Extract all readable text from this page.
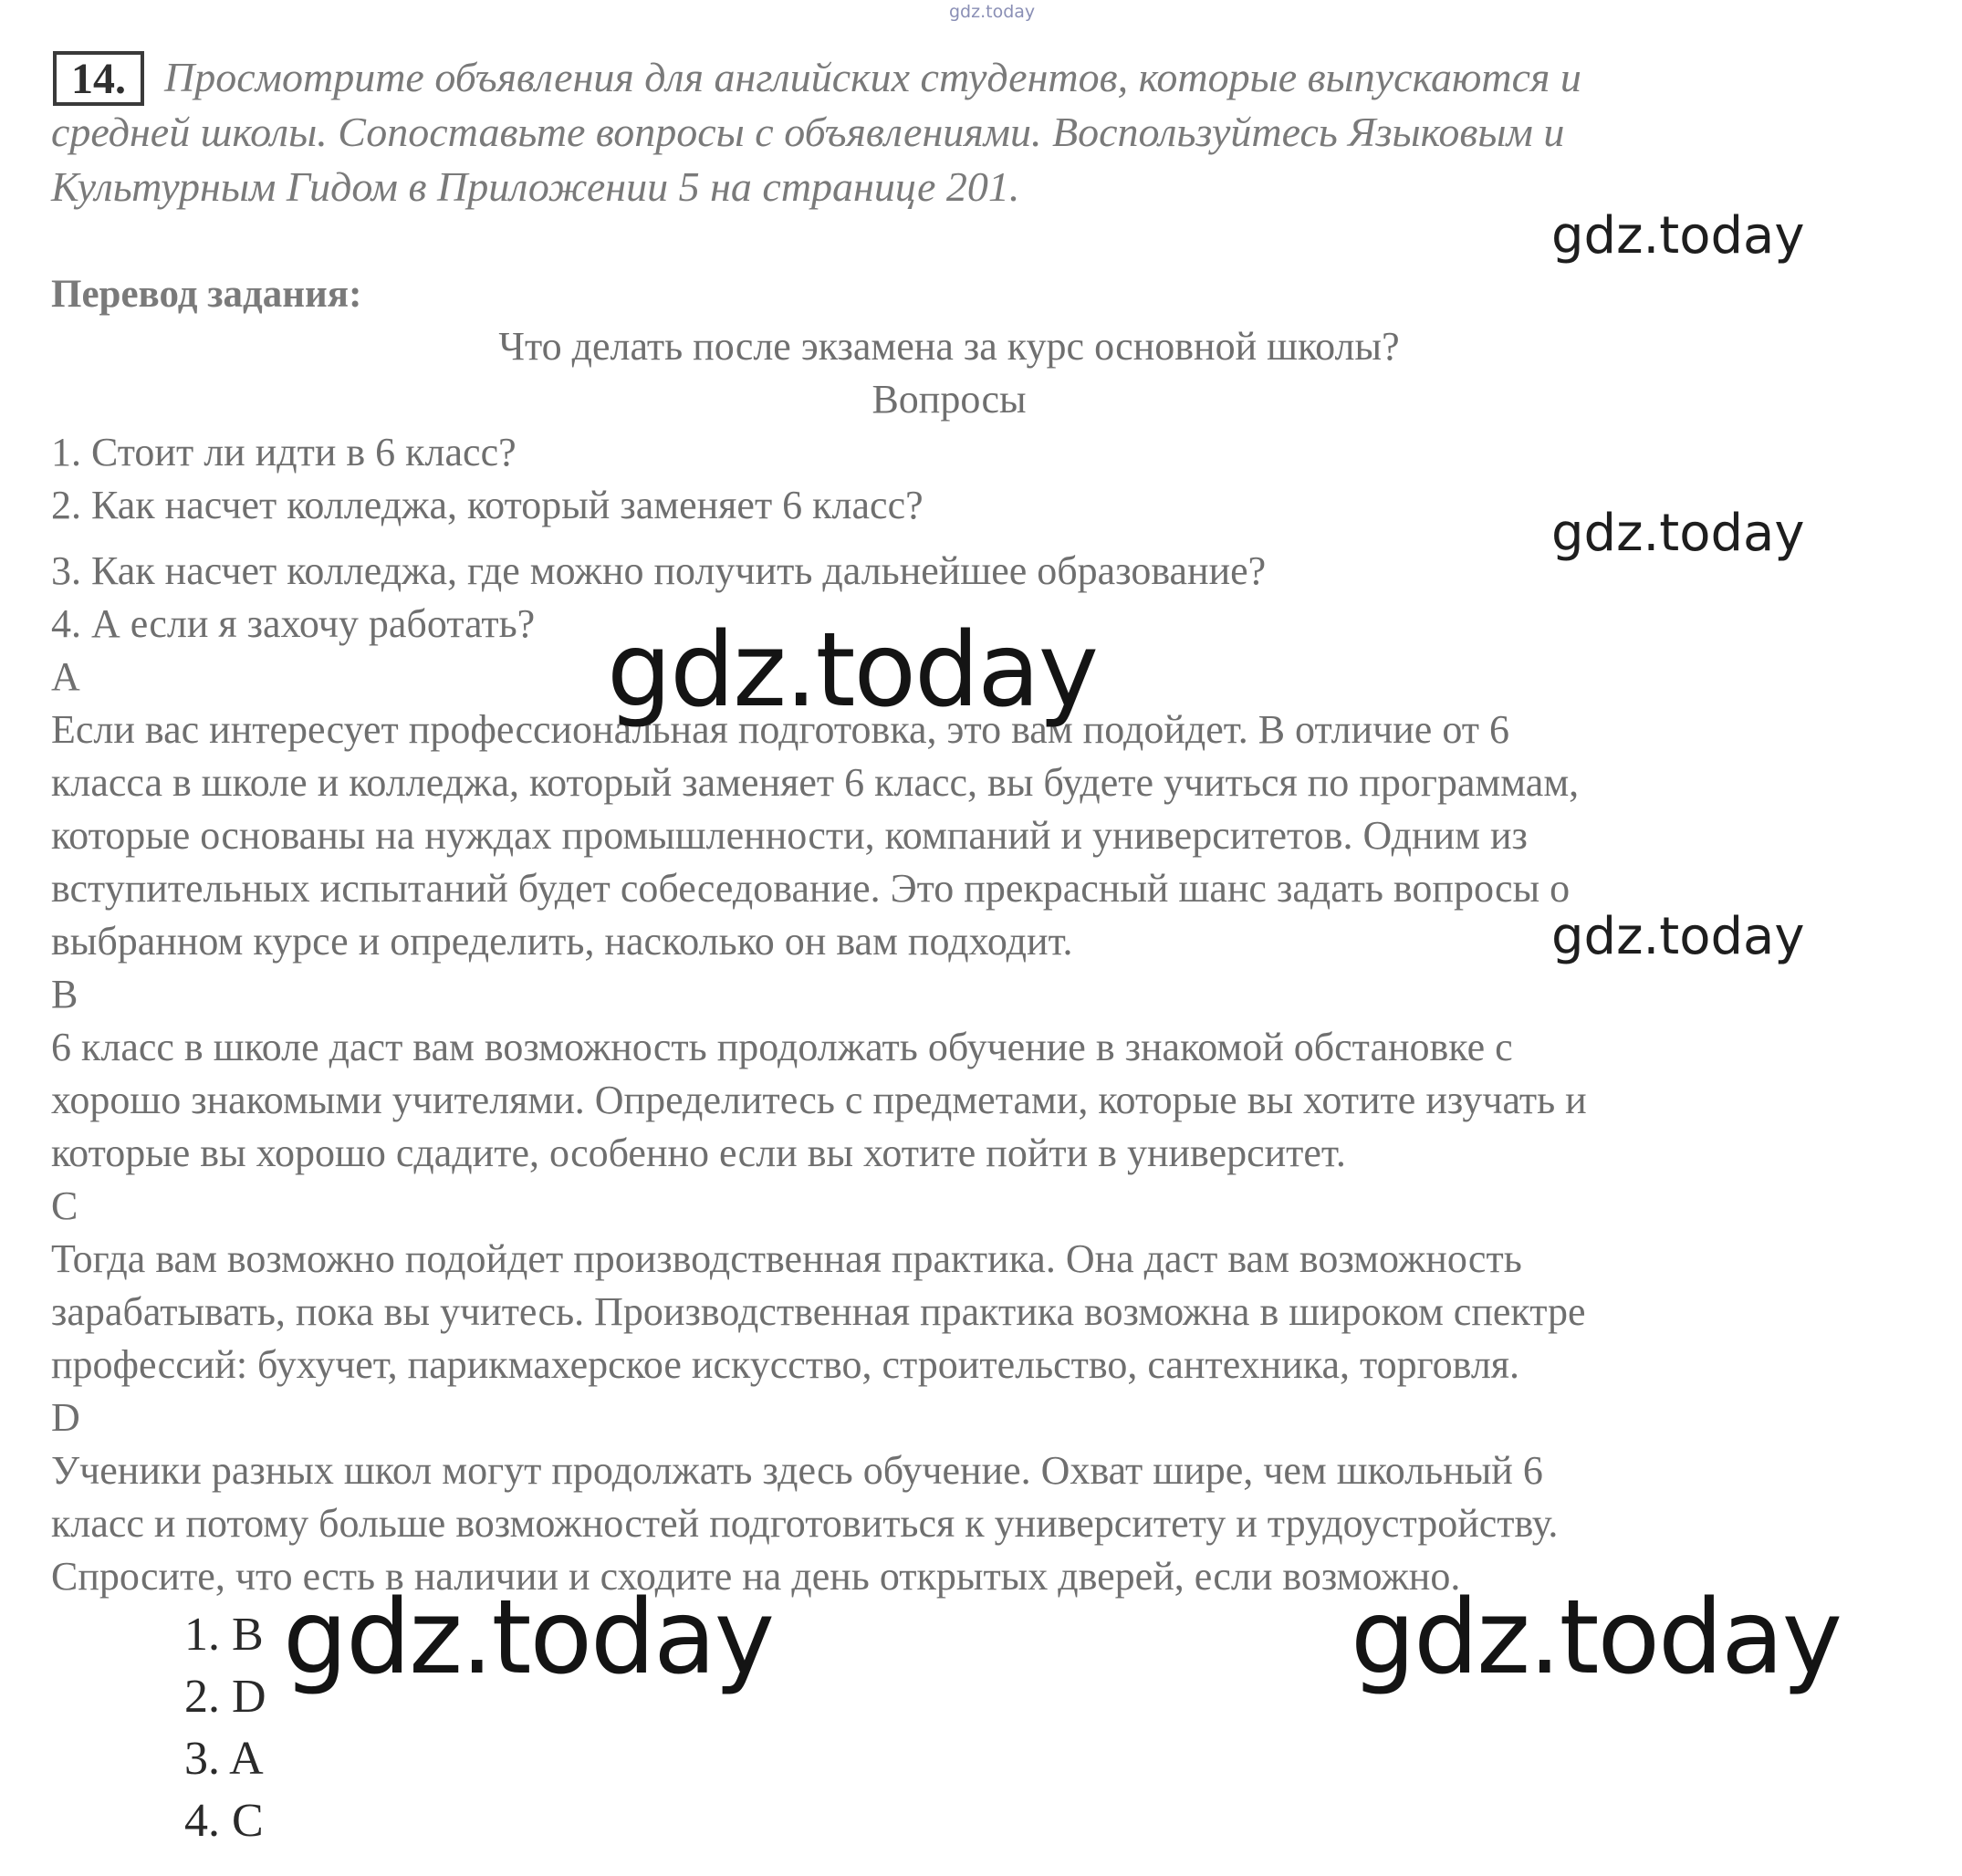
gdz.today
14. Просмотрите объявления для английских студентов, которые выпускаются и

средней школы. Сопоставьте вопросы с объявлениями. Воспользуйтесь Языковым и

Культурным Гидом в Приложении 5 на странице 201.

Перевод задания:

Что делать после экзамена за курс основной школы?

Вопросы

1. Стоит ли идти в 6 класс?

2. Как насчет колледжа, который заменяет 6 класс?

3. Как насчет колледжа, где можно получить дальнейшее образование?

4. А если я захочу работать?

A

Если вас интересует профессиональная подготовка, это вам подойдет. В отличие от 6

класса в школе и колледжа, который заменяет 6 класс, вы будете учиться по программам,

которые основаны на нуждах промышленности, компаний и университетов. Одним из

вступительных испытаний будет собеседование. Это прекрасный шанс задать вопросы о

выбранном курсе и определить, насколько он вам подходит.

B

6 класс в школе даст вам возможность продолжать обучение в знакомой обстановке с

хорошо знакомыми учителями. Определитесь с предметами, которые вы хотите изучать и

которые вы хорошо сдадите, особенно если вы хотите пойти в университет.

C

Тогда вам возможно подойдет производственная практика. Она даст вам возможность

зарабатывать, пока вы учитесь. Производственная практика возможна в широком спектре

профессий: бухучет, парикмахерское искусство, строительство, сантехника, торговля.

D

Ученики разных школ могут продолжать здесь обучение. Охват шире, чем школьный 6

класс и потому больше возможностей подготовиться к университету и трудоустройству.

Спросите, что есть в наличии и сходите на день открытых дверей, если возможно.

1. B

2. D

3. A

4. C

gdz.today
gdz.today
gdz.today
gdz.today
gdz.today	gdz.today
